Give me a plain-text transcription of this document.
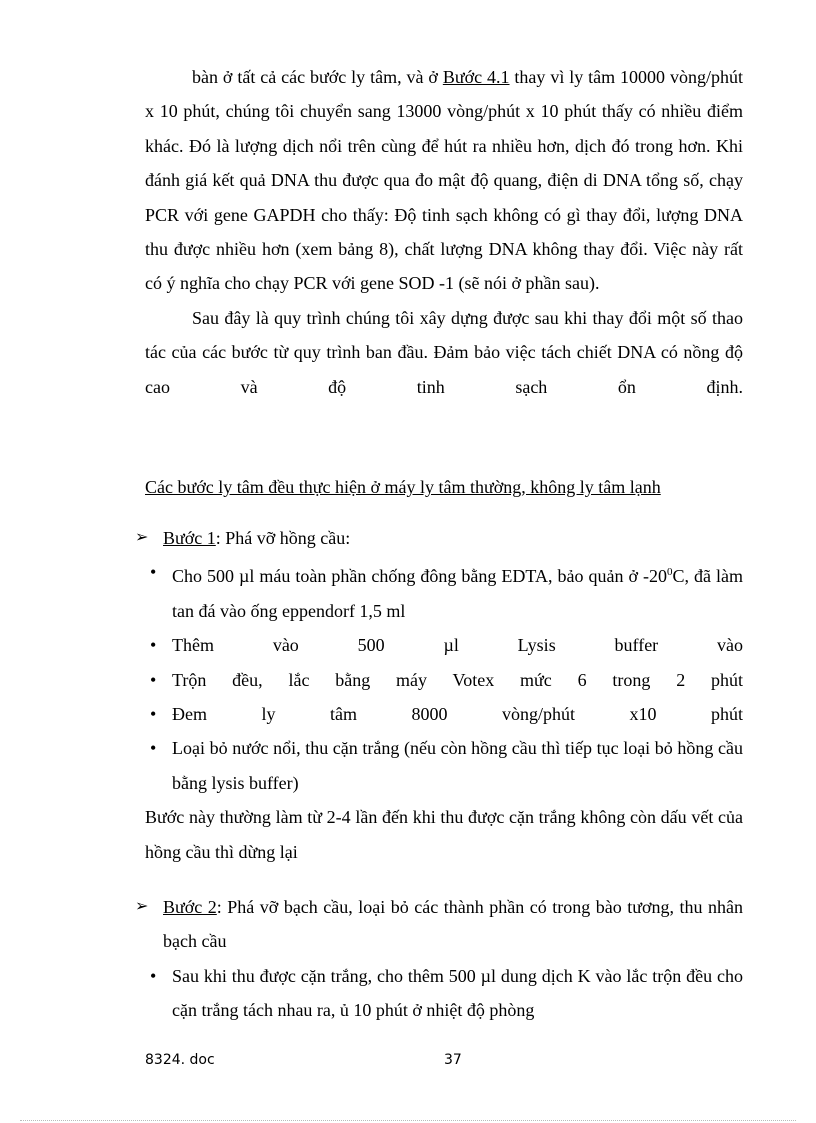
bàn ở tất cả các bước ly tâm, và ở Bước 4.1 thay vì ly tâm 10000 vòng/phút x 10 phút, chúng tôi chuyển sang 13000 vòng/phút x 10 phút thấy có nhiều điểm khác. Đó là lượng dịch nổi trên cùng để hút ra nhiều hơn, dịch đó trong hơn. Khi đánh giá kết quả DNA thu được qua đo mật độ quang, điện di DNA tổng số, chạy PCR với gene GAPDH cho thấy: Độ tinh sạch không có gì thay đổi, lượng DNA thu được nhiều hơn (xem bảng 8), chất lượng DNA không thay đổi. Việc này rất có ý nghĩa cho chạy PCR với gene SOD -1 (sẽ nói ở phần sau).

Sau đây là quy trình chúng tôi xây dựng được sau khi thay đổi một số thao tác của các bước từ quy trình ban đầu. Đảm bảo việc tách chiết DNA có nồng độ cao và độ tinh sạch ổn định.

Các bước ly tâm đều thực hiện ở máy ly tâm thường, không ly tâm lạnh
➢ Bước 1: Phá vỡ hồng cầu:
• Cho 500 µl máu toàn phần chống đông bằng EDTA, bảo quản ở $-20^0C$, đã làm tan đá vào ống eppendorf 1,5 ml
• Thêm vào 500 µl Lysis buffer vào
• Trộn đều, lắc bằng máy Votex mức 6 trong 2 phút
• Đem ly tâm 8000 vòng/phút x10 phút
• Loại bỏ nước nổi, thu cặn trắng (nếu còn hồng cầu thì tiếp tục loại bỏ hồng cầu bằng lysis buffer)

Bước này thường làm từ 2-4 lần đến khi thu được cặn trắng không còn dấu vết của hồng cầu thì dừng lại

➢ Bước 2: Phá vỡ bạch cầu, loại bỏ các thành phần có trong bào tương, thu nhân bạch cầu
• Sau khi thu được cặn trắng, cho thêm 500 µl dung dịch K vào lắc trộn đều cho cặn trắng tách nhau ra, ủ 10 phút ở nhiệt độ phòng
8324. doc	37
